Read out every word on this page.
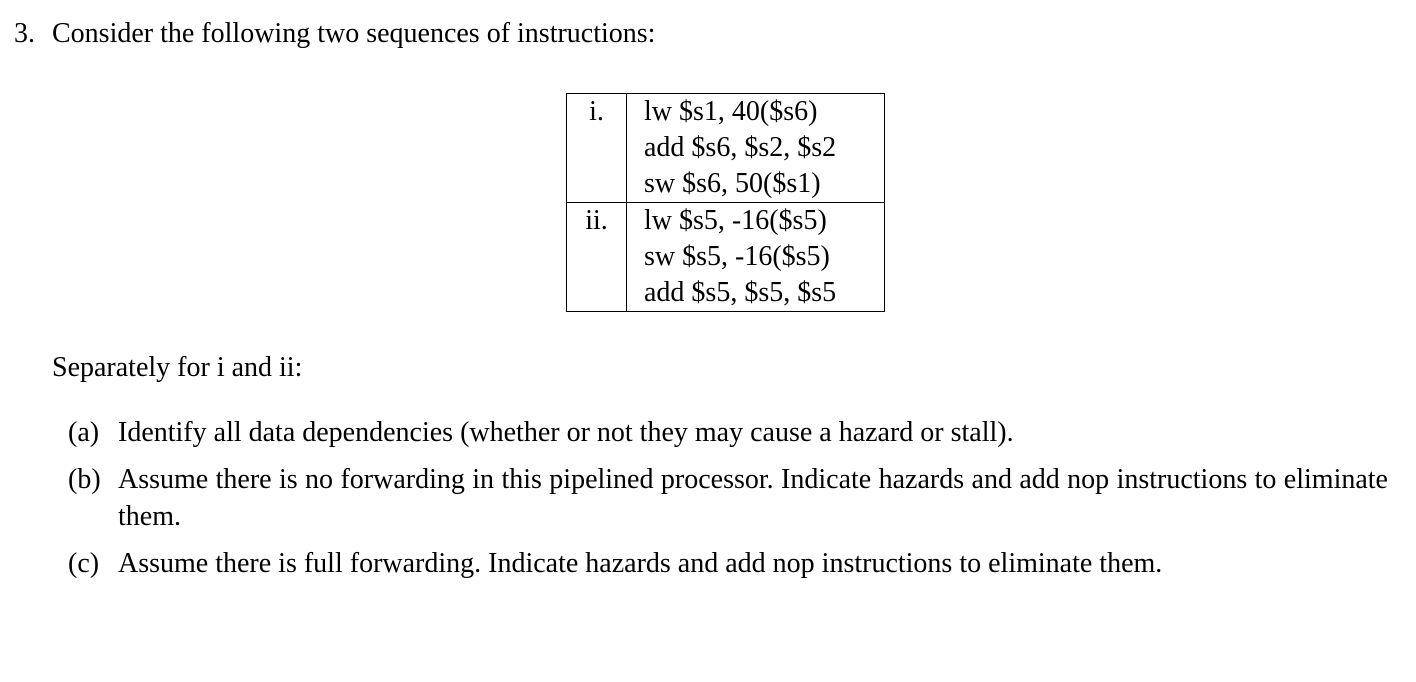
3. Consider the following two sequences of instructions:
i.	lw $s1, 40($s6)
add $s6, $s2, $s2
sw $s6, 50($s1)

ii.	lw $s5, -16($s5)
sw $s5, -16($s5)
add $s5, $s5, $s5
Separately for i and ii:
(a) Identify all data dependencies (whether or not they may cause a hazard or stall).
(b) Assume there is no forwarding in this pipelined processor. Indicate hazards and add nop instructions to eliminate them.
(c) Assume there is full forwarding. Indicate hazards and add nop instructions to eliminate them.
